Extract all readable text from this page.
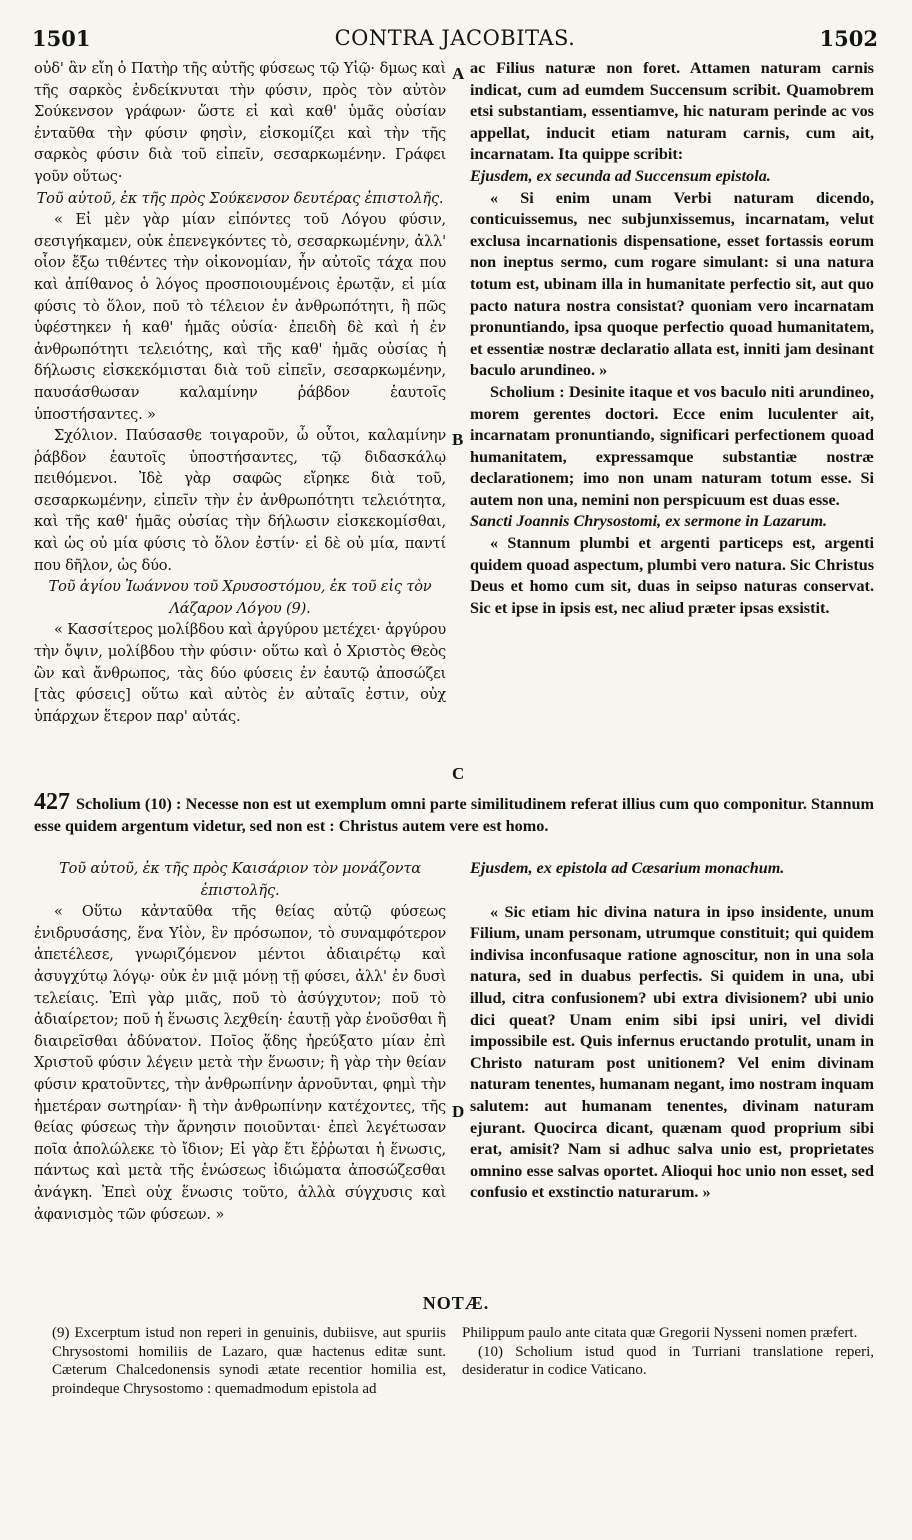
1501	CONTRA JACOBITAS.	1502

οὐδ' ἂν εἴη ὁ Πατὴρ τῆς αὐτῆς φύσεως τῷ Υἱῷ· δμως καὶ τῆς σαρκὸς ἐνδείκνυται τὴν φύσιν, πρὸς τὸν αὐτὸν Σούκενσον γράφων· ὥστε εἰ καὶ καθ' ὑμᾶς οὐσίαν ἐνταῦθα τὴν φύσιν φησὶν, εἰσκομίζει καὶ τὴν τῆς σαρκὸς φύσιν διὰ τοῦ εἰπεῖν, σεσαρκωμένην. Γράφει γοῦν οὕτως·

Τοῦ αὐτοῦ, ἐκ τῆς πρὸς Σούκενσον δευτέρας ἐπιστολῆς.

« Εἰ μὲν γὰρ μίαν εἰπόντες τοῦ Λόγου φύσιν, σεσιγήκαμεν, οὐκ ἐπενεγκόντες τὸ, σεσαρκωμένην, ἀλλ' οἷον ἔξω τιθέντες τὴν οἰκονομίαν, ἦν αὐτοῖς τάχα που καὶ ἀπίθανος ὁ λόγος προσποιουμένοις ἐρωτᾷν, εἰ μία φύσις τὸ ὅλον, ποῦ τὸ τέλειον ἐν ἀνθρωπότητι, ἢ πῶς ὑφέστηκεν ἡ καθ' ἡμᾶς οὐσία· ἐπειδὴ δὲ καὶ ἡ ἐν ἀνθρωπότητι τελειότης, καὶ τῆς καθ' ἡμᾶς οὐσίας ἡ δήλωσις εἰσκεκόμισται διὰ τοῦ εἰπεῖν, σεσαρκωμένην, παυσάσθωσαν καλαμίνην ῥάβδον ἑαυτοῖς ὑποστήσαντες. »

Σχόλιον. Παύσασθε τοιγαροῦν, ὦ οὗτοι, καλαμίνην ῥάβδον ἑαυτοῖς ὑποστήσαντες, τῷ διδασκάλῳ πειθόμενοι. Ἰδὲ γὰρ σαφῶς εἴρηκε διὰ τοῦ, σεσαρκωμένην, εἰπεῖν τὴν ἐν ἀνθρωπότητι τελειότητα, καὶ τῆς καθ' ἡμᾶς οὐσίας τὴν δήλωσιν εἰσκεκομίσθαι, καὶ ὡς οὐ μία φύσις τὸ ὅλον ἐστίν· εἰ δὲ οὐ μία, παντί που δῆλον, ὡς δύο.

Τοῦ ἁγίου Ἰωάννου τοῦ Χρυσοστόμου, ἐκ τοῦ εἰς τὸν Λάζαρον Λόγου (9).

« Κασσίτερος μολίβδου καὶ ἀργύρου μετέχει· ἀργύρου τὴν ὄψιν, μολίβδου τὴν φύσιν· οὕτω καὶ ὁ Χριστὸς Θεὸς ὢν καὶ ἄνθρωπος, τὰς δύο φύσεις ἐν ἑαυτῷ ἀποσώζει [τὰς φύσεις] οὕτω καὶ αὐτὸς ἐν αὐταῖς ἐστιν, οὐχ ὑπάρχων ἕτερον παρ' αὐτάς.

ac Filius naturæ non foret. Attamen naturam carnis indicat, cum ad eumdem Succensum scribit. Quamobrem etsi substantiam, essentiamve, hic naturam perinde ac vos appellat, inducit etiam naturam carnis, cum ait, incarnatam. Ita quippe scribit:

Ejusdem, ex secunda ad Succensum epistola.

« Si enim unam Verbi naturam dicendo, conticuissemus, nec subjunxissemus, incarnatam, velut exclusa incarnationis dispensatione, esset fortassis eorum non ineptus sermo, cum rogare simulant: si una natura totum est, ubinam illa in humanitate perfectio sit, aut quo pacto natura nostra consistat? quoniam vero incarnatam pronuntiando, ipsa quoque perfectio quoad humanitatem, et essentiæ nostræ declaratio allata est, inniti jam desinant baculo arundineo. »

Scholium : Desinite itaque et vos baculo niti arundineo, morem gerentes doctori. Ecce enim luculenter ait, incarnatam pronuntiando, significari perfectionem quoad humanitatem, expressamque substantiæ nostræ declarationem; imo non unam naturam totum esse. Si autem non una, nemini non perspicuum est duas esse.

Sancti Joannis Chrysostomi, ex sermone in Lazarum.

« Stannum plumbi et argenti particeps est, argenti quidem quoad aspectum, plumbi vero natura. Sic Christus Deus et homo cum sit, duas in seipso naturas conservat. Sic et ipse in ipsis est, nec aliud præter ipsas exsistit.

A
B
C
D
427 Scholium (10) : Necesse non est ut exemplum omni parte similitudinem referat illius cum quo componitur. Stannum esse quidem argentum videtur, sed non est : Christus autem vere est homo.

Τοῦ αὐτοῦ, ἐκ τῆς πρὸς Καισάριον τὸν μονάζοντα ἐπιστολῆς.

« Οὕτω κἀνταῦθα τῆς θείας αὐτῷ φύσεως ἐνιδρυσάσης, ἕνα Υἱὸν, ἓν πρόσωπον, τὸ συναμφότερον ἀπετέλεσε, γνωριζόμενον μέντοι ἀδιαιρέτῳ καὶ ἀσυγχύτῳ λόγῳ· οὐκ ἐν μιᾷ μόνῃ τῇ φύσει, ἀλλ' ἐν δυσὶ τελείαις. Ἐπὶ γὰρ μιᾶς, ποῦ τὸ ἀσύγχυτον; ποῦ τὸ ἀδιαίρετον; ποῦ ἡ ἕνωσις λεχθείη· ἑαυτῇ γὰρ ἑνοῦσθαι ἢ διαιρεῖσθαι ἀδύνατον. Ποῖος ᾅδης ἠρεύξατο μίαν ἐπὶ Χριστοῦ φύσιν λέγειν μετὰ τὴν ἕνωσιν; ἢ γὰρ τὴν θείαν φύσιν κρατοῦντες, τὴν ἀνθρωπίνην ἀρνοῦνται, φημὶ τὴν ἡμετέραν σωτηρίαν· ἢ τὴν ἀνθρωπίνην κατέχοντες, τῆς θείας φύσεως τὴν ἄρνησιν ποιοῦνται· ἐπεὶ λεγέτωσαν ποῖα ἀπολώλεκε τὸ ἴδιον; Εἰ γὰρ ἔτι ἔῤῥωται ἡ ἕνωσις, πάντως καὶ μετὰ τῆς ἑνώσεως ἰδιώματα ἀποσώζεσθαι ἀνάγκη. Ἐπεὶ οὐχ ἕνωσις τοῦτο, ἀλλὰ σύγχυσις καὶ ἀφανισμὸς τῶν φύσεων. »

Ejusdem, ex epistola ad Cæsarium monachum.

« Sic etiam hic divina natura in ipso insidente, unum Filium, unam personam, utrumque constituit; qui quidem indivisa inconfusaque ratione agnoscitur, non in una sola natura, sed in duabus perfectis. Si quidem in una, ubi illud, citra confusionem? ubi extra divisionem? ubi unio dici queat? Unam enim sibi ipsi uniri, vel dividi impossibile est. Quis infernus eructando protulit, unam in Christo naturam post unitionem? Vel enim divinam naturam tenentes, humanam negant, imo nostram inquam salutem: aut humanam tenentes, divinam naturam ejurant. Quocirca dicant, quænam quod proprium sibi erat, amisit? Nam si adhuc salva unio est, proprietates omnino esse salvas oportet. Alioqui hoc unio non esset, sed confusio et exstinctio naturarum. »

NOTÆ.

(9) Excerptum istud non reperi in genuinis, dubiisve, aut spuriis Chrysostomi homiliis de Lazaro, quæ hactenus editæ sunt. Cæterum Chalcedonensis synodi ætate recentior homilia est, proindeque Chrysostomo : quemadmodum epistola ad

Philippum paulo ante citata quæ Gregorii Nysseni nomen præfert.

(10) Scholium istud quod in Turriani translatione reperi, desideratur in codice Vaticano.
